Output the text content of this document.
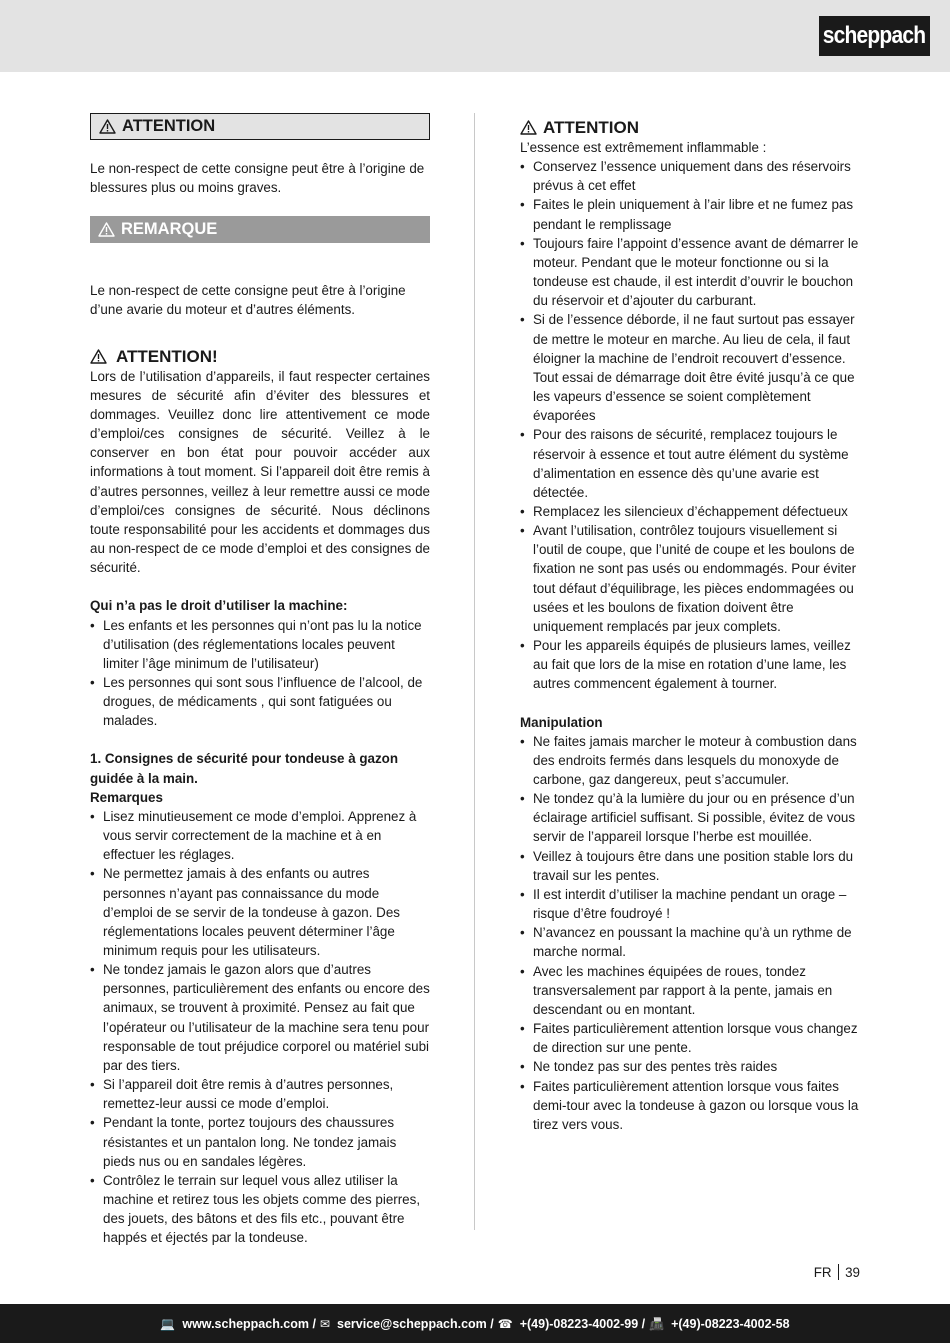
scheppach
ATTENTION

Le non-respect de cette consigne peut être à l’origine de blessures plus ou moins graves.

REMARQUE

Le non-respect de cette consigne peut être à l’origine d’une avarie du moteur et d’autres éléments.

ATTENTION!

Lors de l’utilisation d’appareils, il faut respecter certaines mesures de sécurité afin d’éviter des blessures et dommages. Veuillez donc lire attentivement ce mode d’emploi/ces consignes de sécurité. Veillez à le conserver en bon état pour pouvoir accéder aux informations à tout moment. Si l’appareil doit être remis à d’autres personnes, veillez à leur remettre aussi ce mode d’emploi/ces consignes de sécurité. Nous déclinons toute responsabilité pour les accidents et dommages dus au non-respect de ce mode d’emploi et des consignes de sécurité.

Qui n’a pas le droit d’utiliser la machine:

• Les enfants et les personnes qui n’ont pas lu la notice d’utilisation (des réglementations locales peuvent limiter l’âge minimum de l’utilisateur)
• Les personnes qui sont sous l’influence de l’alcool, de drogues, de médicaments , qui sont fatiguées ou malades.

1. Consignes de sécurité pour tondeuse à gazon guidée à la main.

Remarques

• Lisez minutieusement ce mode d’emploi. Apprenez à vous servir correctement de la machine et à en effectuer les réglages.
• Ne permettez jamais à des enfants ou autres personnes n’ayant pas connaissance du mode d’emploi de se servir de la tondeuse à gazon. Des réglementations locales peuvent déterminer l’âge minimum requis pour les utilisateurs.
• Ne tondez jamais le gazon alors que d’autres personnes, particulièrement des enfants ou encore des animaux, se trouvent à proximité. Pensez au fait que l’opérateur ou l’utilisateur de la machine sera tenu pour responsable de tout préjudice corporel ou matériel subi par des tiers.
• Si l’appareil doit être remis à d’autres personnes, remettez-leur aussi ce mode d’emploi.
• Pendant la tonte, portez toujours des chaussures résistantes et un pantalon long. Ne tondez jamais pieds nus ou en sandales légères.
• Contrôlez le terrain sur lequel vous allez utiliser la machine et retirez tous les objets comme des pierres, des jouets, des bâtons et des fils etc., pouvant être happés et éjectés par la tondeuse.
ATTENTION

L’essence est extrêmement inflammable :

• Conservez l’essence uniquement dans des réservoirs prévus à cet effet
• Faites le plein uniquement à l’air libre et ne fumez pas pendant le remplissage
• Toujours faire l’appoint d’essence avant de démarrer le moteur. Pendant que le moteur fonctionne ou si la tondeuse est chaude, il est interdit d’ouvrir le bouchon du réservoir et d’ajouter du carburant.
• Si de l’essence déborde, il ne faut surtout pas essayer de mettre le moteur en marche. Au lieu de cela, il faut éloigner la machine de l’endroit recouvert d’essence. Tout essai de démarrage doit être évité jusqu’à ce que les vapeurs d’essence se soient complètement évaporées
• Pour des raisons de sécurité, remplacez toujours le réservoir à essence et tout autre élément du système d’alimentation en essence dès qu’une avarie est détectée.
• Remplacez les silencieux d’échappement défectueux
• Avant l’utilisation, contrôlez toujours visuellement si l’outil de coupe, que l’unité de coupe et les boulons de fixation ne sont pas usés ou endommagés. Pour éviter tout défaut d’équilibrage, les pièces endommagées ou usées et les boulons de fixation doivent être uniquement remplacés par jeux complets.
• Pour les appareils équipés de plusieurs lames, veillez au fait que lors de la mise en rotation d’une lame, les autres commencent également à tourner.

Manipulation

• Ne faites jamais marcher le moteur à combustion dans des endroits fermés dans lesquels du monoxyde de carbone, gaz dangereux, peut s’accumuler.
• Ne tondez qu’à la lumière du jour ou en présence d’un éclairage artificiel suffisant. Si possible, évitez de vous servir de l’appareil lorsque l’herbe est mouillée.
• Veillez à toujours être dans une position stable lors du travail sur les pentes.
• Il est interdit d’utiliser la machine pendant un orage – risque d’être foudroyé !
• N’avancez en poussant la machine qu’à un rythme de marche normal.
• Avec les machines équipées de roues, tondez transversalement par rapport à la pente, jamais en descendant ou en montant.
• Faites particulièrement attention lorsque vous changez de direction sur une pente.
• Ne tondez pas sur des pentes très raides
• Faites particulièrement attention lorsque vous faites demi-tour avec la tondeuse à gazon ou lorsque vous la tirez vers vous.
FR 39
💻 www.scheppach.com / ✉ service@scheppach.com / ☎ +(49)-08223-4002-99 / 📠 +(49)-08223-4002-58
